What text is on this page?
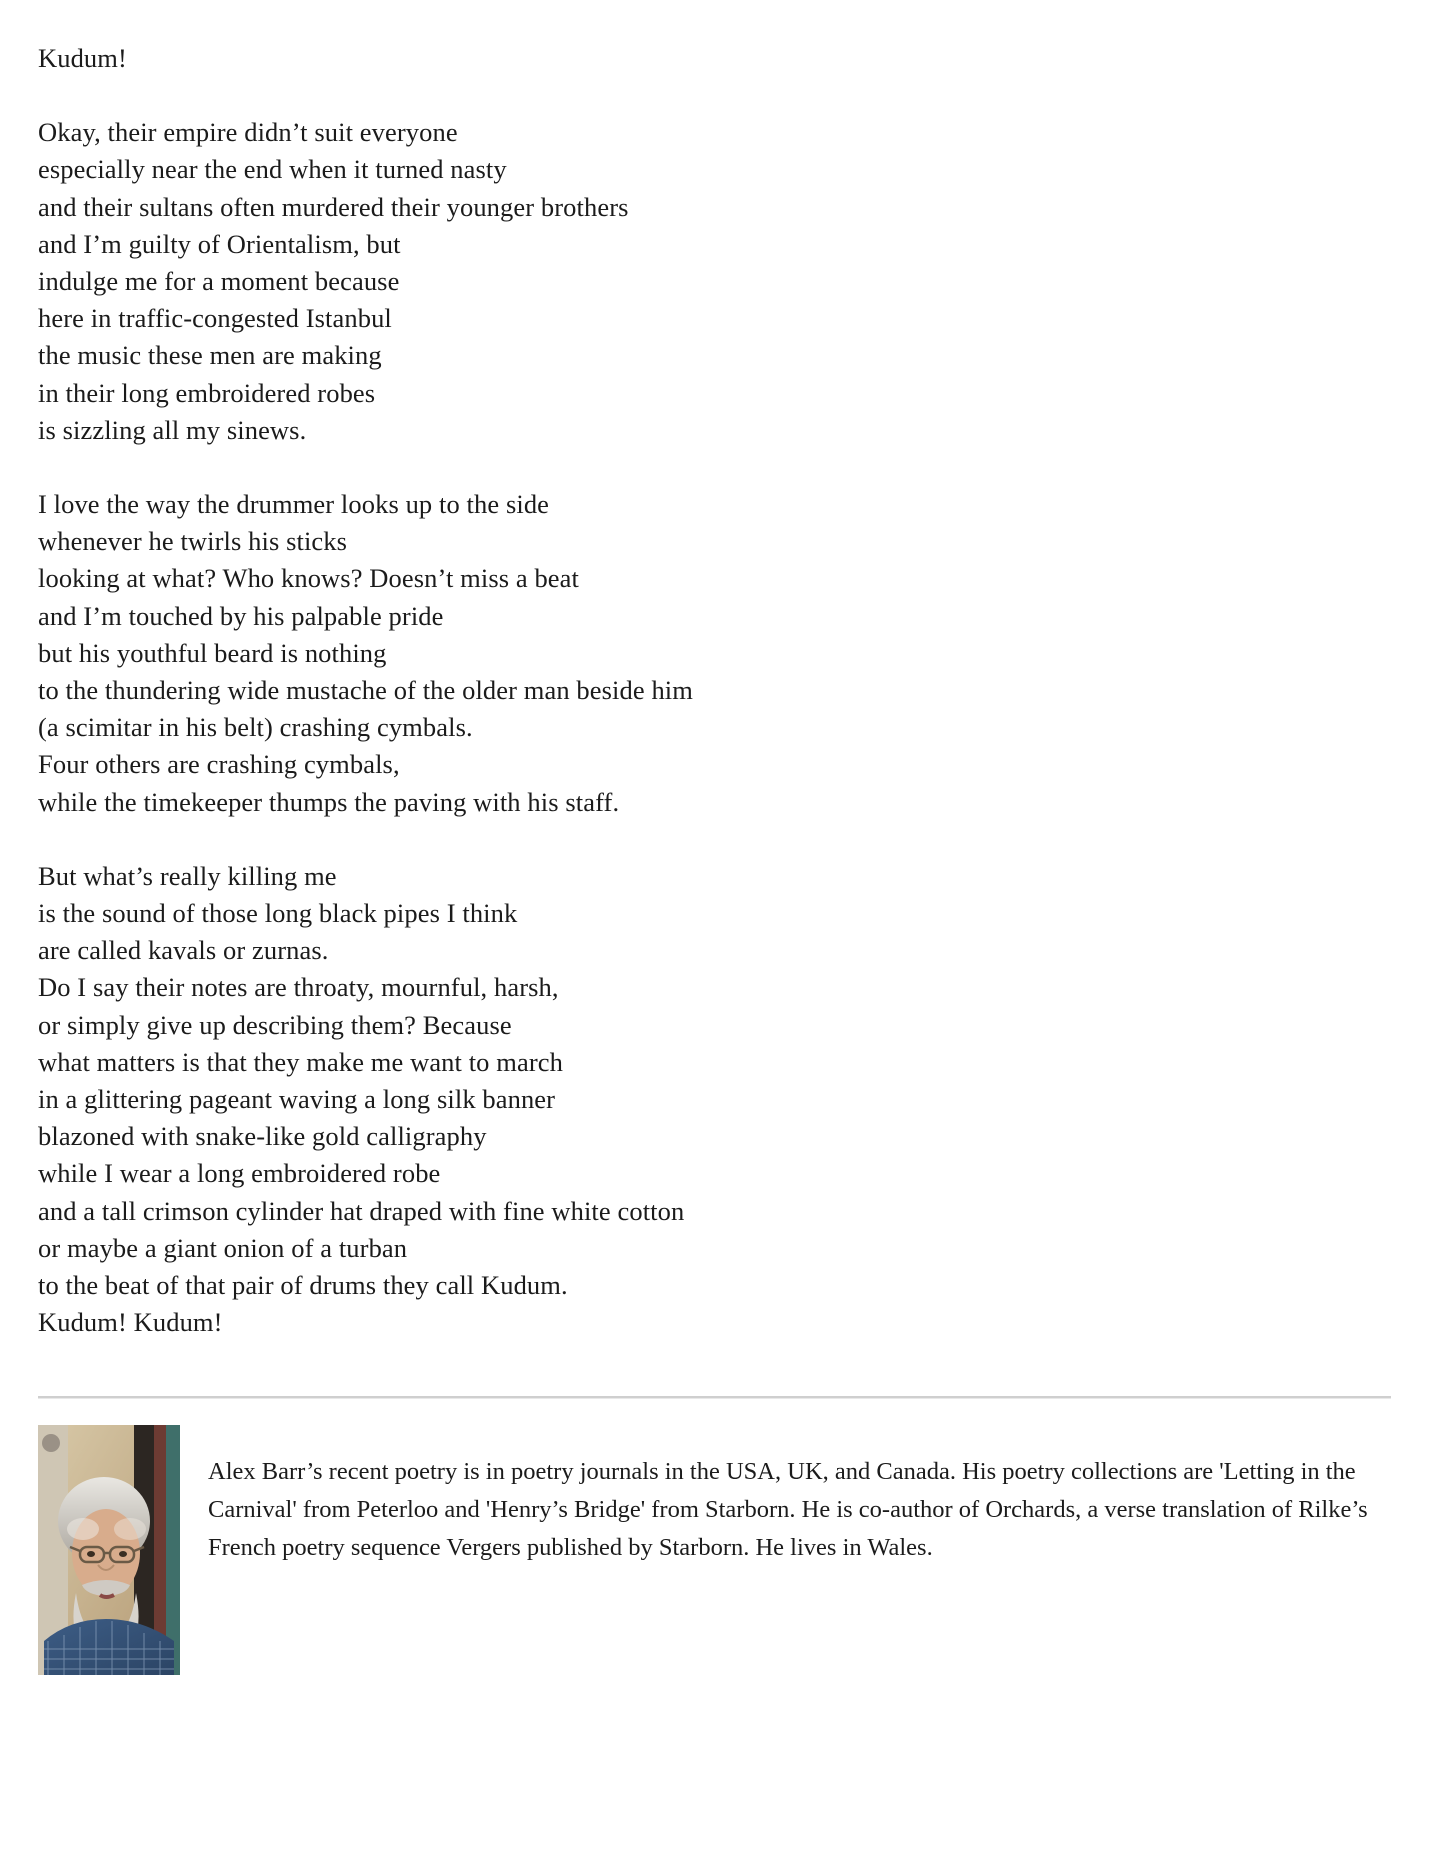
Kudum!
Okay, their empire didn’t suit everyone
especially near the end when it turned nasty
and their sultans often murdered their younger brothers
and I’m guilty of Orientalism, but
indulge me for a moment because
here in traffic-congested Istanbul
the music these men are making
in their long embroidered robes
is sizzling all my sinews.
I love the way the drummer looks up to the side
whenever he twirls his sticks
looking at what? Who knows? Doesn’t miss a beat
and I’m touched by his palpable pride
but his youthful beard is nothing
to the thundering wide mustache of the older man beside him
(a scimitar in his belt) crashing cymbals.
Four others are crashing cymbals,
while the timekeeper thumps the paving with his staff.
But what’s really killing me
is the sound of those long black pipes I think
are called kavals or zurnas.
Do I say their notes are throaty, mournful, harsh,
or simply give up describing them? Because
what matters is that they make me want to march
in a glittering pageant waving a long silk banner
blazoned with snake-like gold calligraphy
while I wear a long embroidered robe
and a tall crimson cylinder hat draped with fine white cotton
or maybe a giant onion of a turban
to the beat of that pair of drums they call Kudum.
Kudum! Kudum!
Alex Barr’s recent poetry is in poetry journals in the USA, UK, and Canada. His poetry collections are 'Letting in the Carnival' from Peterloo and 'Henry’s Bridge' from Starborn. He is co-author of Orchards, a verse translation of Rilke’s French poetry sequence Vergers published by Starborn. He lives in Wales.
